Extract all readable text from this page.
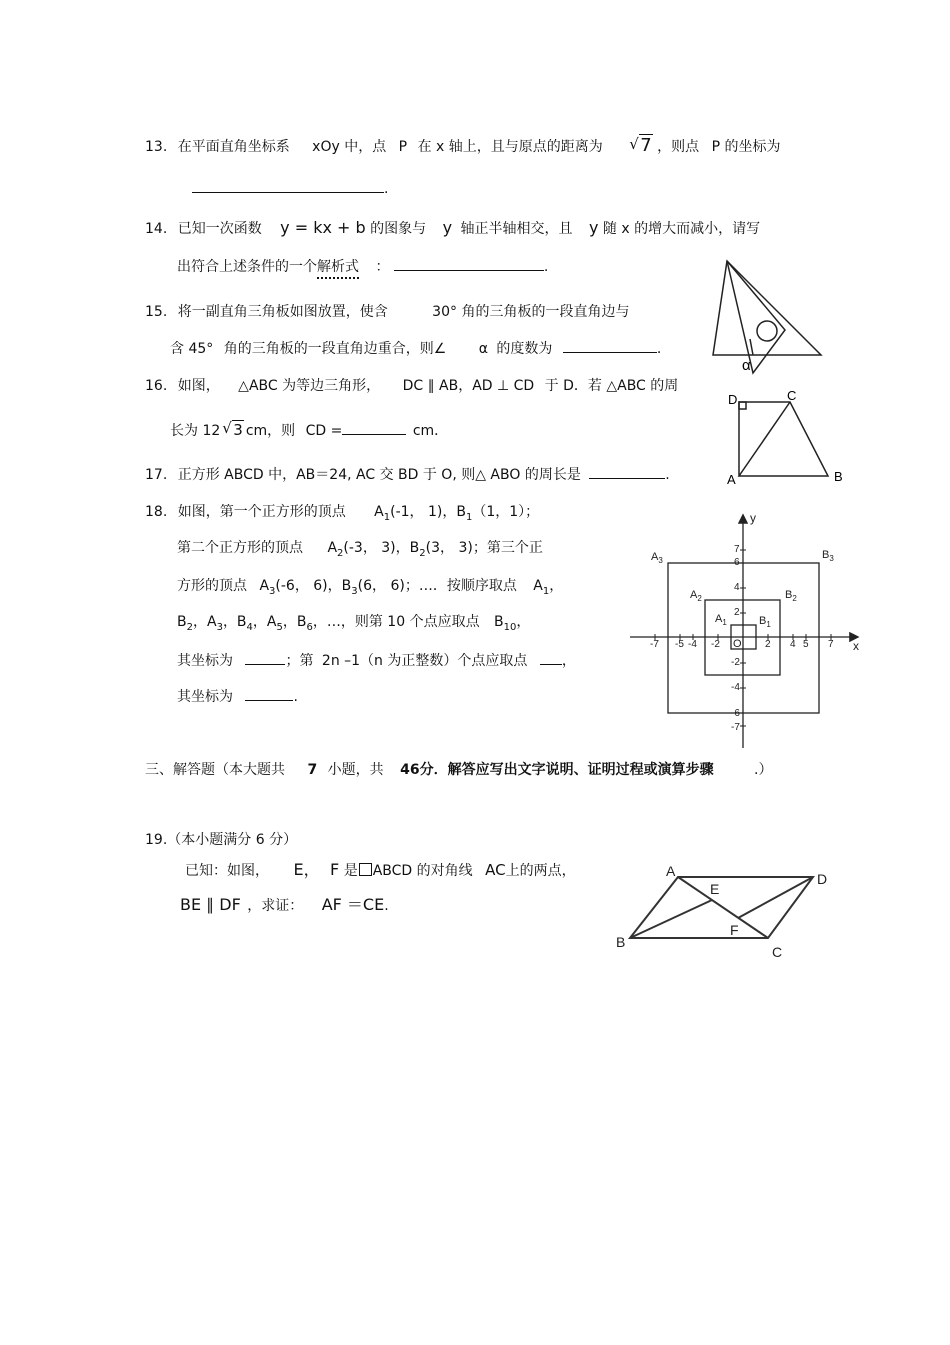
13. 在平面直角坐标系 xOy 中，点 P 在 x 轴上，且与原点的距离为 √ 7 ，则点 P 的坐标为
.
14. 已知一次函数 y = kx + b 的图象与 y 轴正半轴相交，且 y 随 x 的增大而减小，请写
出符合上述条件的一个解析式 ：	.
15. 将一副直角三角板如图放置，使含	30° 角的三角板的一段直角边与
含 45° 角的三角板的一段直角边重合，则∠ α 的度数为	.
α
16. 如图， △ABC 为等边三角形， DC ∥ AB，AD ⊥ CD 于 D．若 △ABC 的周
长为 12 √ 3 cm，则 CD =	cm．
D	C
A	B
17. 正方形 ABCD 中，AB＝24, AC 交 BD 于 O, 则△ ABO 的周长是	.
18. 如图，第一个正方形的顶点 $A_1(-1$， 1)，$B_1(1$，1）；
第二个正方形的顶点 $A_2(-3$， 3)，$B_2(3$， 3)；第三个正
方形的顶点 $A_3(-6$， 6)，$B_3(6$， 6)；…．按顺序取点 $A_1$，
$B_2$，$A_3$，$B_4$，$A_5$，$B_6$，…，则第 10 个点应取点 $B_{10}$，
其坐标为	；第 2n –1（n 为正整数）个点应取点 ，
其坐标为	.
y
x
O
-7 -5 -4 -2	2 4 5 7
7
6
4
2
-2
-4
-6
-7
$A_3$	$B_3$
$A_2$	$B_2$
$A_1$	$B_1$
三、解答题（本大题共 7 小题，共 46分．解答应写出文字说明、证明过程或演算步骤	.）
19.（本小题满分 6 分）
已知：如图， E， F 是 ABCD 的对角线 AC上的两点，
BE ∥ DF ，求证： AF ＝CE.
A	D
E
F
B
C
